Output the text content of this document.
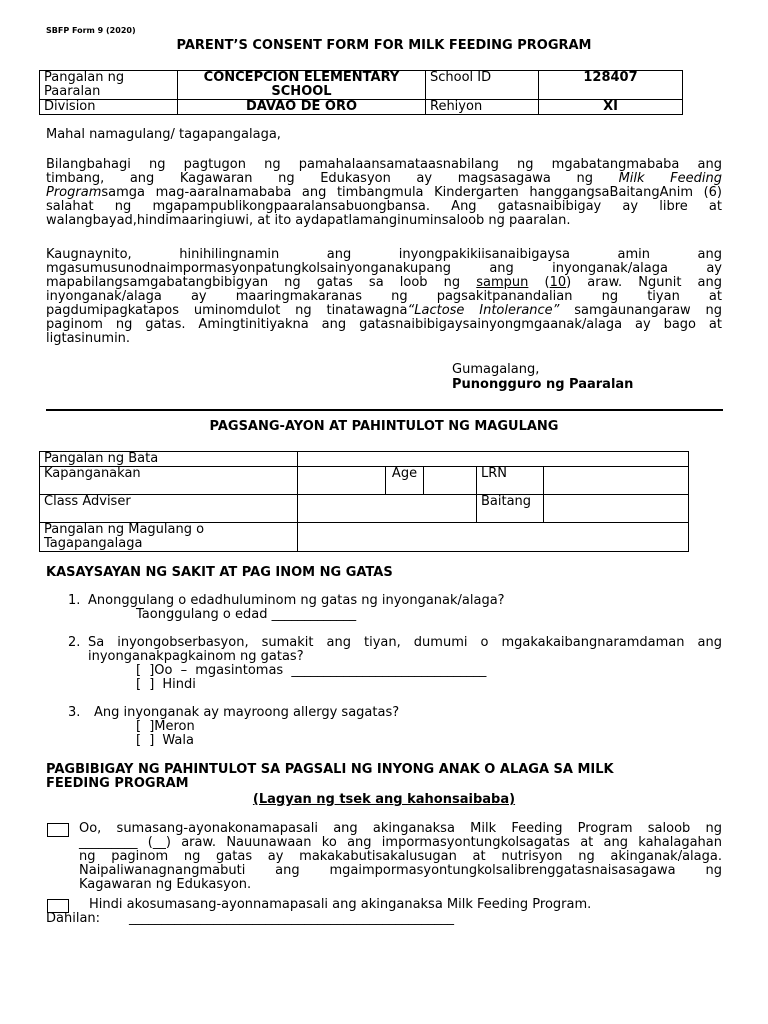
SBFP Form 9 (2020)
PARENT’S CONSENT FORM FOR MILK FEEDING PROGRAM
Pangalan ng Paaralan	CONCEPCION ELEMENTARY SCHOOL	School ID	128407
Division	DAVAO DE ORO	Rehiyon	XI
Mahal namagulang/ tagapangalaga,

Bilangbahagi ng pagtugon ng pamahalaansamataasnabilang ng mgabatangmababa ang

timbang, ang Kagawaran ng Edukasyon ay magsasagawa ng Milk Feeding

Programsamga mag-aaralnamababa ang timbangmula Kindergarten hanggangsaBaitangAnim (6)

salahat ng mgapampublikongpaaralansabuongbansa. Ang gatasnaibibigay ay libre at

walangbayad,hindimaaringiuwi, at ito aydapatlamanginuminsaloob ng paaralan.

Kaugnaynito, hinihilingnamin ang inyongpakikiisanaibigaysa amin ang

mgasumusunodnaimpormasyonpatungkolsainyonganakupang ang inyonganak/alaga ay

mapabilangsamgabatangbibigyan ng gatas sa loob ng sampun (10) araw. Ngunit ang

inyonganak/alaga ay maaringmakaranas ng pagsakitpanandalian ng tiyan at

pagdumipagkatapos uminomdulot ng tinatawagna“Lactose Intolerance” samgaunangaraw ng

paginom ng gatas. Amingtinitiyakna ang gatasnaibibigaysainyongmgaanak/alaga ay bago at

ligtasinumin.

Gumagalang,
Punongguro ng Paaralan
PAGSANG-AYON AT PAHINTULOT NG MAGULANG
Pangalan ng Bata					
Kapanganakan		Age		LRN	
Class Adviser				Baitang	
Pangalan ng Magulang o Tagapangalaga					
KASAYSAYAN NG SAKIT AT PAG INOM NG GATAS
1. Anonggulang o edadhuluminom ng gatas ng inyonganak/alaga?
Taonggulang o edad _____________
2. Sa inyongobserbasyon, sumakit ang tiyan, dumumi o mgakakaibangnaramdaman ang
inyonganakpagkainom ng gatas?
[ ]Oo – mgasintomas ______________________________
[ ] Hindi
3. Ang inyonganak ay mayroong allergy sagatas?
[ ]Meron
[ ] Wala
PAGBIBIGAY NG PAHINTULOT SA PAGSALI NG INYONG ANAK O ALAGA SA MILK
FEEDING PROGRAM
(Lagyan ng tsek ang kahonsaibaba)
Oo, sumasang-ayonakonamapasali ang akinganaksa Milk Feeding Program saloob ng
_________ (__) araw. Nauunawaan ko ang impormasyontungkolsagatas at ang kahalagahan
ng paginom ng gatas ay makakabutisakalusugan at nutrisyon ng akinganak/alaga.
Naipaliwanagnangmabuti ang mgaimpormasyontungkolsalibrenggatasnaisasagawa ng
Kagawaran ng Edukasyon.
Hindi akosumasang-ayonnamapasali ang akinganaksa Milk Feeding Program.
Dahilan: __________________________________________________
